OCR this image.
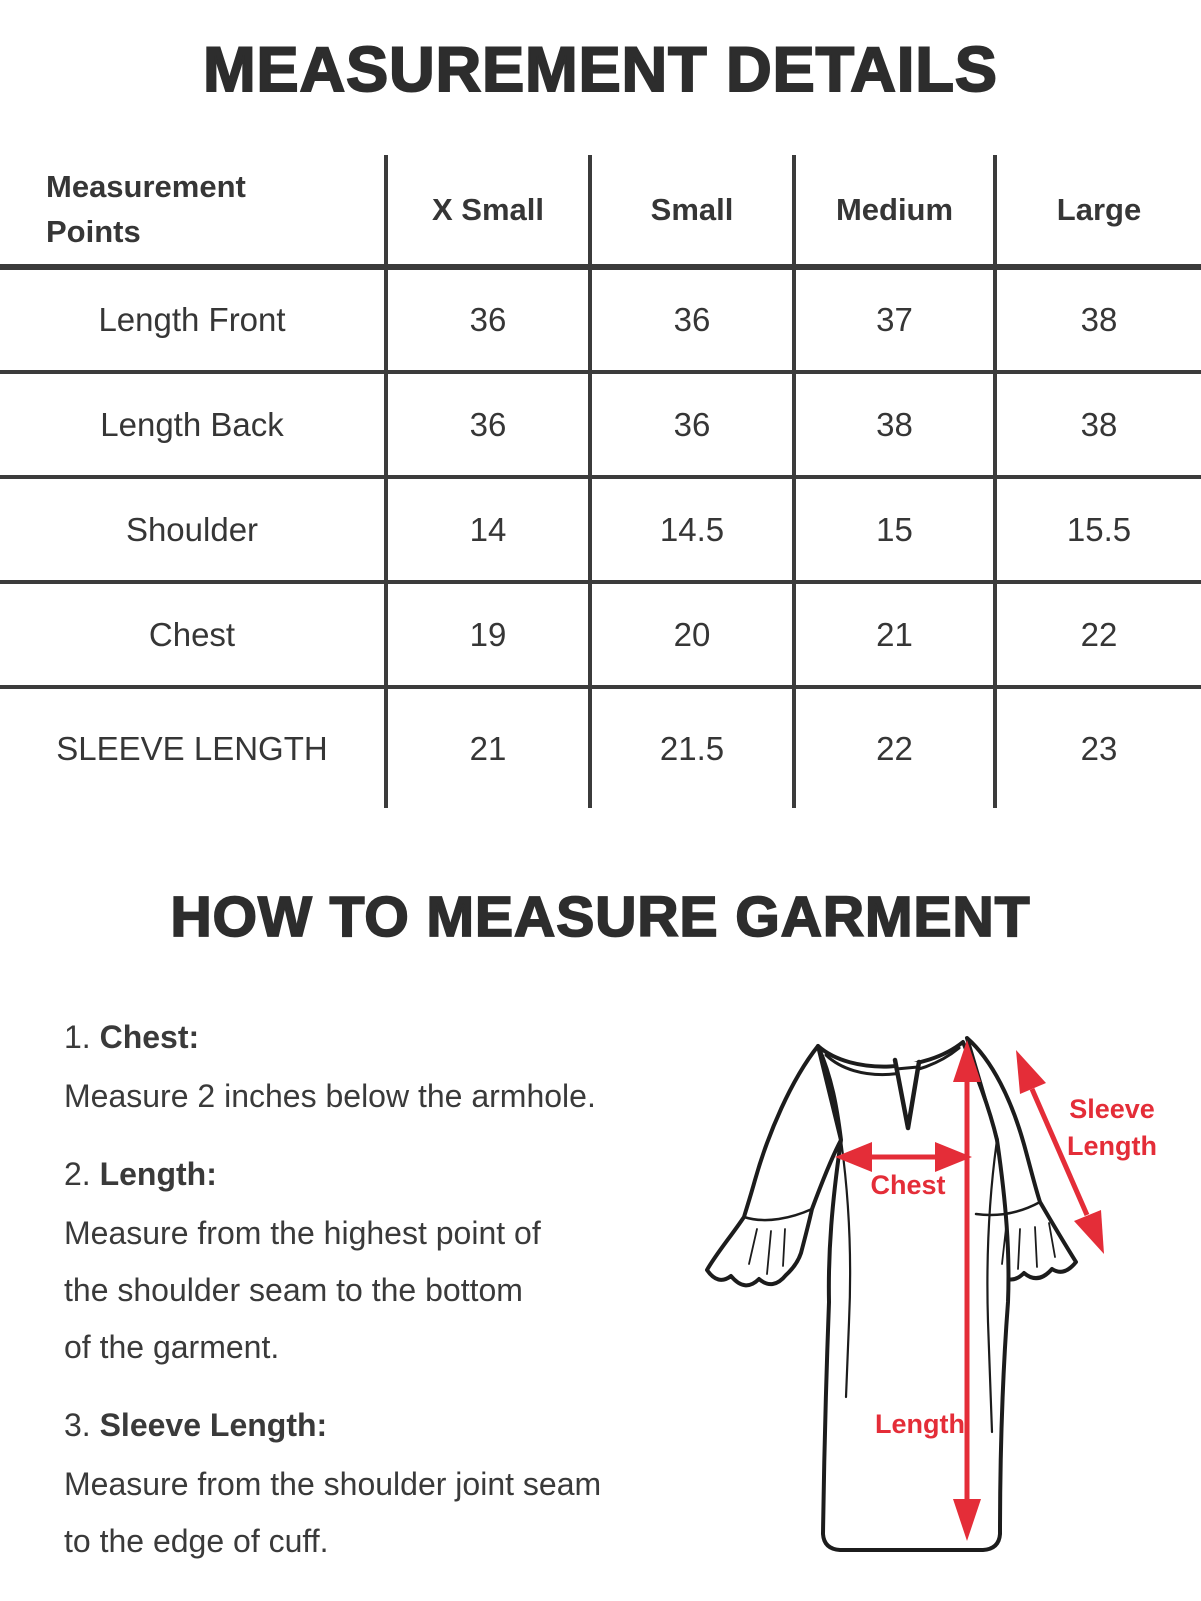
MEASUREMENT DETAILS
Measurement Points	X Small	Small	Medium	Large
Length Front	36	36	37	38
Length Back	36	36	38	38
Shoulder	14	14.5	15	15.5
Chest	19	20	21	22
SLEEVE LENGTH	21	21.5	22	23
HOW TO MEASURE GARMENT
1. Chest:
Measure 2 inches below the armhole.
2. Length:
Measure from the highest point of
the shoulder seam to the bottom
of the garment.
3. Sleeve Length:
Measure from the shoulder joint seam
to the edge of cuff.
Chest
Length
Sleeve
Length
